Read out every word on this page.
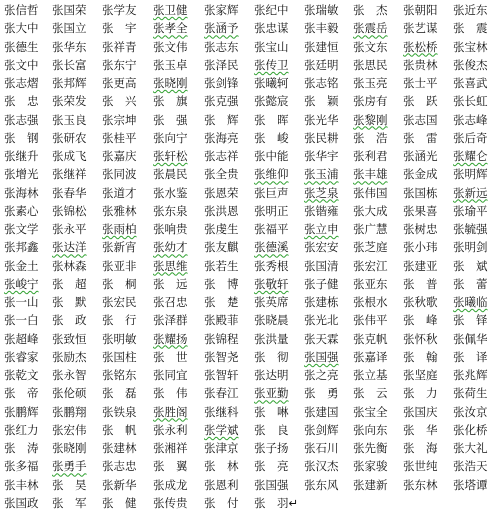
张信哲 张国荣 张学友 张卫健 张家辉 张纪中 张瑞敏 张　杰 张朝阳 张近东
张大中 张国立 张　宇 张孝全 张涵予 张忠谋 张丰毅 张震岳 张艺谋 张　震
张德生 张华东 张祥青 张文伟 张志东 张宝山 张建恒 张文东 张松桥 张宝林
张文中 张长富 张东宁 张玉卓 张泽民 张传卫 张廷明 张思民 张贵林 张俊杰
张志熠 张邦辉 张更高 张晓刚 张剑锋 张曦轲 张志铭 张玉亮 张士平 张喜武
张　忠 张荣发 张　兴 张　旗 张克强 张懿宸 张　颖 张房有 张　跃 张长虹
张志强 张玉良 张宗坤 张　强 张　辉 张　晖 张光华 张黎刚 张志国 张志峰
张　钢 张研农 张桂平 张向宁 张海亮 张　峻 张民耕 张　浩 张　雷 张后奇
张继升 张成飞 张嘉庆 张轩松 张志祥 张中能 张华宇 张利君 张涵光 张耀仑
张增光 张继祥 张同波 张晨民 张全贵 张维仰 张玉浦 张丰雄 张金成 张明辉
张海林 张春华 张道才 张水鉴 张恩荣 张巨声 张芝泉 张伟国 张国栋 张新远
张素心 张锦松 张雅林 张东泉 张洪恩 张明正 张锴雍 张大成 张果喜 张瑜平
张文学 张永平 张雨柏 张响贵 张虔生 张福平 张立申 张广慧 张树忠 张毓强
张邦鑫 张达洋 张新宵 张幼才 张友麒 张德溪 张宏安 张芝庭 张小玮 张明剑
张金土 张林森 张亚非 张思维 张若生 张秀根 张国清 张宏江 张建亚 张　斌
张峻宁 张　超 张　桐 张　远 张　博 张敬轩 张子健 张亚东 张　普 张　蕾
张一山 张　默 张宏民 张召忠 张　楚 张英席 张建栋 张根水 张秋歌 张曦临
张一白 张　政 张　行 张泽群 张殿菲 张晓晨 张光北 张伟平 张　峰 张　铎
张超峰 张致恒 张明敏 张耀扬 张锦程 张洪量 张天霖 张克帆 张怀秋 张佩华
张睿家 张励杰 张国柱 张　世 张智尧 张　彻 张国强 张嘉译 张　翰 张　译
张乾文 张永智 张铭东 张同宜 张智轩 张达明 张之亮 张立基 张坚庭 张兆辉
张　帝 张伦硕 张　磊 张　伟 张春江 张亚勤 张　勇 张　云 张　力 张荷生
张鹏辉 张鹏翔 张铁泉 张胜阁 张继科 张　啉 张建国 张宝全 张国庆 张汝京
张红力 张宏伟 张　帆 张永利 张学斌 张　良 张剑辉 张向东 张　华 张化桥
张　涛 张晓刚 张建林 张湘祥 张津京 张子扬 张石川 张先衡 张　海 张大礼
张多福 张勇手 张志忠 张　翼 张　林 张　亮 张汉杰 张家骏 张世纯 张浩天
张丰林 张　昊 张新华 张成龙 张恩利 张国强 张东风 张建新 张东林 张塔谭
张国政 张　军 张　健 张传贵 张　付 张　羽↵
